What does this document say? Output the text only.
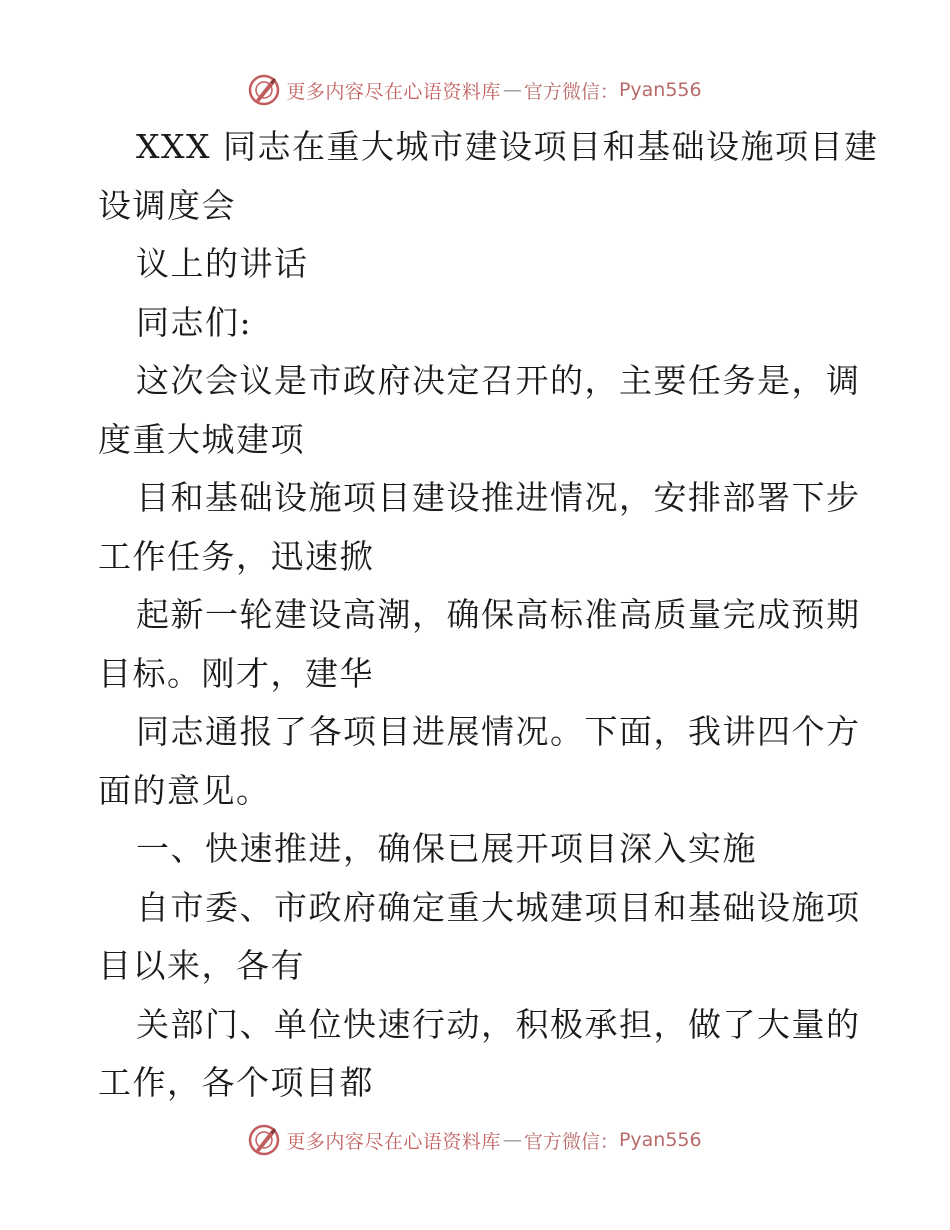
更多内容尽在心语资料库 — 官方微信： Pyan556
XXX 同志在重大城市建设项目和基础设施项目建
设调度会
议上的讲话
同志们:
这次会议是市政府决定召开的，主要任务是，调
度重大城建项
目和基础设施项目建设推进情况，安排部署下步
工作任务，迅速掀
起新一轮建设高潮，确保高标准高质量完成预期
目标。刚才，建华
同志通报了各项目进展情况。下面，我讲四个方
面的意见。
一、快速推进，确保已展开项目深入实施
自市委、市政府确定重大城建项目和基础设施项
目以来，各有
关部门、单位快速行动，积极承担，做了大量的
工作，各个项目都
更多内容尽在心语资料库 — 官方微信： Pyan556
